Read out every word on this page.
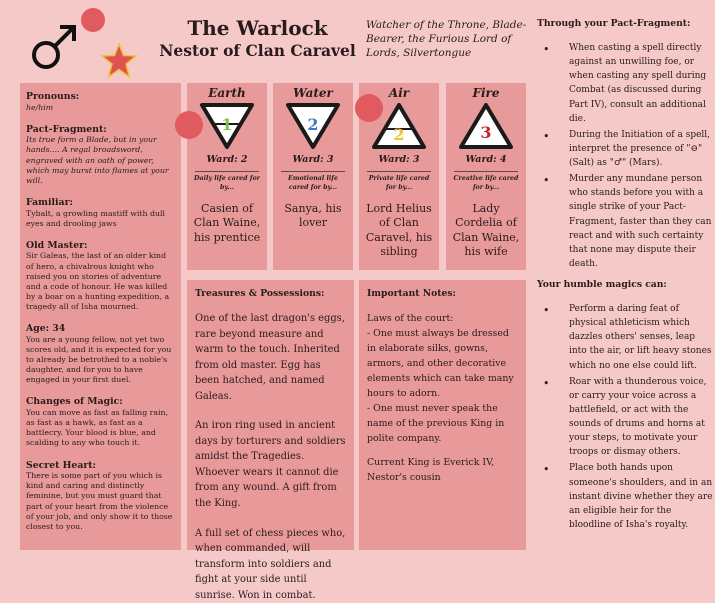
The Warlock
Nestor of Clan Caravel
Watcher of the Throne, Blade-Bearer, the Furious Lord of Lords, Silvertongue
Pronouns:
he/him
Pact-Fragment:
Its true form a Blade, but in your hands.... A regal broadsword, engraved with an oath of power, which may burst into flames at your will.
Familiar:
Tybalt, a growling mastiff with dull eyes and drooling jaws
Old Master:
Sir Galeas, the last of an older kind of hero, a chivalrous knight who raised you on stories of adventure and a code of honour. He was killed by a boar on a hunting expedition, a tragedy all of Isha mourned.
Age: 34
You are a young fellow, not yet two scores old, and it is expected for you to already be betrothed to a noble's daughter, and for you to have engaged in your first duel.
Changes of Magic:
You can move as fast as falling rain, as fast as a hawk, as fast as a battlecry. Your blood is blue, and scalding to any who touch it.
Secret Heart:
There is some part of you which is kind and caring and distinctly feminine, but you must guard that part of your heart from the violence of your job, and only show it to those closest to you.
Earth
1
Ward: 2
Daily life cared for by...
Casien of Clan Waine, his prentice
Water
2
Ward: 3
Emotional life cared for by...
Sanya, his lover
Air
2
Ward: 3
Private life cared for by...
Lord Helius of Clan Caravel, his sibling
Fire
3
Ward: 4
Creative life cared for by...
Lady Cordelia of Clan Waine, his wife
Treasures & Possessions:
One of the last dragon's eggs, rare beyond measure and warm to the touch. Inherited from old master. Egg has been hatched, and named Galeas.
An iron ring used in ancient days by torturers and soldiers amidst the Tragedies. Whoever wears it cannot die from any wound. A gift from the King.
A full set of chess pieces who, when commanded, will transform into soldiers and fight at your side until sunrise. Won in combat.
Important Notes:
Laws of the court:
- One must always be dressed in elaborate silks, gowns, armors, and other decorative elements which can take many hours to adorn.
- One must never speak the name of the previous King in polite company.
Current King is Everick IV, Nestor's cousin
Through your Pact-Fragment:
• When casting a spell directly against an unwilling foe, or when casting any spell during Combat (as discussed during Part IV), consult an additional die.
• During the Initiation of a spell, interpret the presence of "⊖" (Salt) as "♂" (Mars).
• Murder any mundane person who stands before you with a single strike of your Pact-Fragment, faster than they can react and with such certainty that none may dispute their death.
Your humble magics can:
• Perform a daring feat of physical athleticism which dazzles others' senses, leap into the air, or lift heavy stones which no one else could lift.
• Roar with a thunderous voice, or carry your voice across a battlefield, or act with the sounds of drums and horns at your steps, to motivate your troops or dismay others.
• Place both hands upon someone's shoulders, and in an instant divine whether they are an eligible heir for the bloodline of Isha's royalty.
